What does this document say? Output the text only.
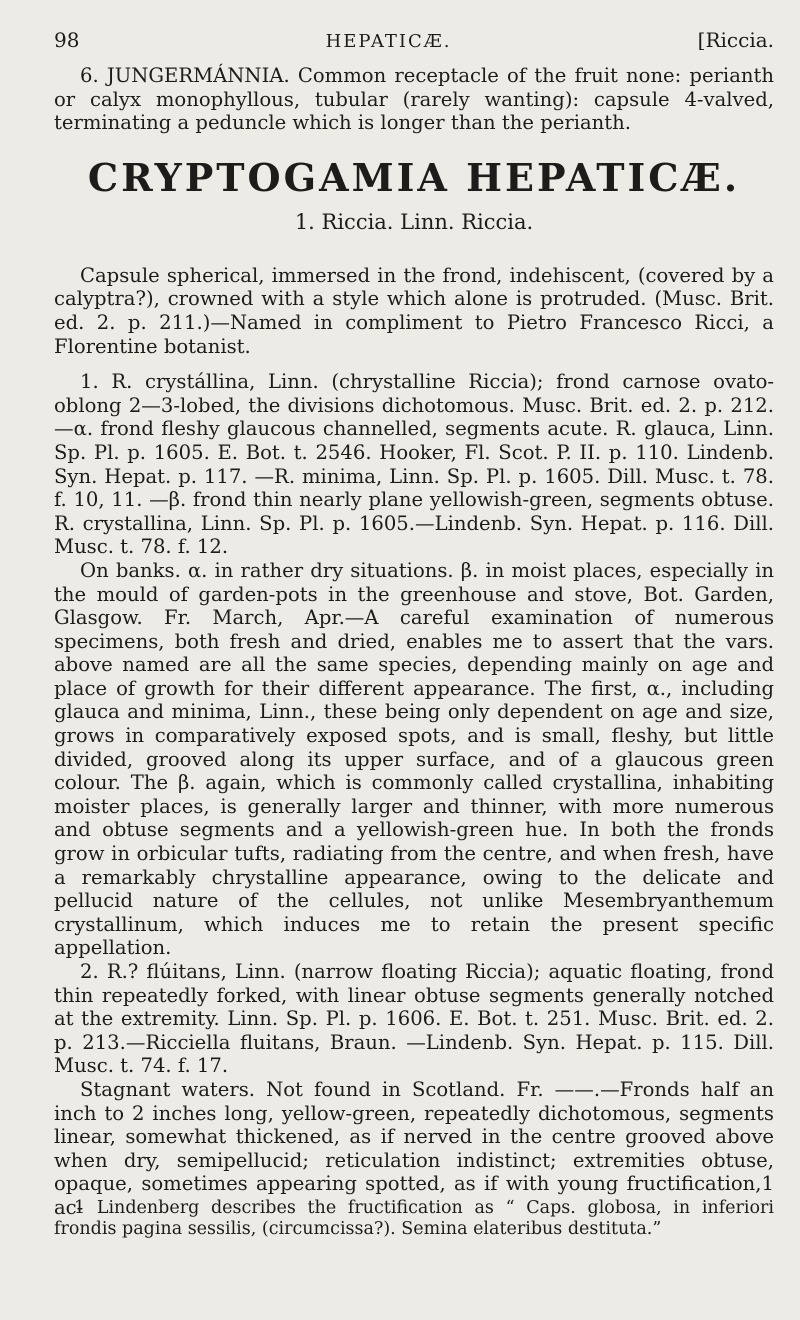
98	HEPATICÆ.	[Riccia.

6. JUNGERMÁNNIA. Common receptacle of the fruit none: perianth or calyx monophyllous, tubular (rarely wanting): capsule 4-valved, terminating a peduncle which is longer than the perianth.

CRYPTOGAMIA HEPATICÆ.
1. Riccia. Linn. Riccia.

Capsule spherical, immersed in the frond, indehiscent, (covered by a calyptra?), crowned with a style which alone is protruded. (Musc. Brit. ed. 2. p. 211.)—Named in compliment to Pietro Francesco Ricci, a Florentine botanist.

1. R. crystállina, Linn. (chrystalline Riccia); frond carnose ovato-oblong 2—3-lobed, the divisions dichotomous. Musc. Brit. ed. 2. p. 212.—α. frond fleshy glaucous channelled, segments acute. R. glauca, Linn. Sp. Pl. p. 1605. E. Bot. t. 2546. Hooker, Fl. Scot. P. II. p. 110. Lindenb. Syn. Hepat. p. 117. —R. minima, Linn. Sp. Pl. p. 1605. Dill. Musc. t. 78. f. 10, 11. —β. frond thin nearly plane yellowish-green, segments obtuse. R. crystallina, Linn. Sp. Pl. p. 1605.—Lindenb. Syn. Hepat. p. 116. Dill. Musc. t. 78. f. 12.

On banks. α. in rather dry situations. β. in moist places, especially in the mould of garden-pots in the greenhouse and stove, Bot. Garden, Glasgow. Fr. March, Apr.—A careful examination of numerous specimens, both fresh and dried, enables me to assert that the vars. above named are all the same species, depending mainly on age and place of growth for their different appearance. The first, α., including glauca and minima, Linn., these being only dependent on age and size, grows in comparatively exposed spots, and is small, fleshy, but little divided, grooved along its upper surface, and of a glaucous green colour. The β. again, which is commonly called crystallina, inhabiting moister places, is generally larger and thinner, with more numerous and obtuse segments and a yellowish-green hue. In both the fronds grow in orbicular tufts, radiating from the centre, and when fresh, have a remarkably chrystalline appearance, owing to the delicate and pellucid nature of the cellules, not unlike Mesembryanthemum crystallinum, which induces me to retain the present specific appellation.

2. R.? flúitans, Linn. (narrow floating Riccia); aquatic floating, frond thin repeatedly forked, with linear obtuse segments generally notched at the extremity. Linn. Sp. Pl. p. 1606. E. Bot. t. 251. Musc. Brit. ed. 2. p. 213.—Ricciella fluitans, Braun. —Lindenb. Syn. Hepat. p. 115. Dill. Musc. t. 74. f. 17.

Stagnant waters. Not found in Scotland. Fr. ——.—Fronds half an inch to 2 inches long, yellow-green, repeatedly dichotomous, segments linear, somewhat thickened, as if nerved in the centre grooved above when dry, semipellucid; reticulation indistinct; extremities obtuse, opaque, sometimes appearing spotted, as if with young fructification,1 ac-

1 Lindenberg describes the fructification as “ Caps. globosa, in inferiori frondis pagina sessilis, (circumcissa?). Semina elateribus destituta.”
